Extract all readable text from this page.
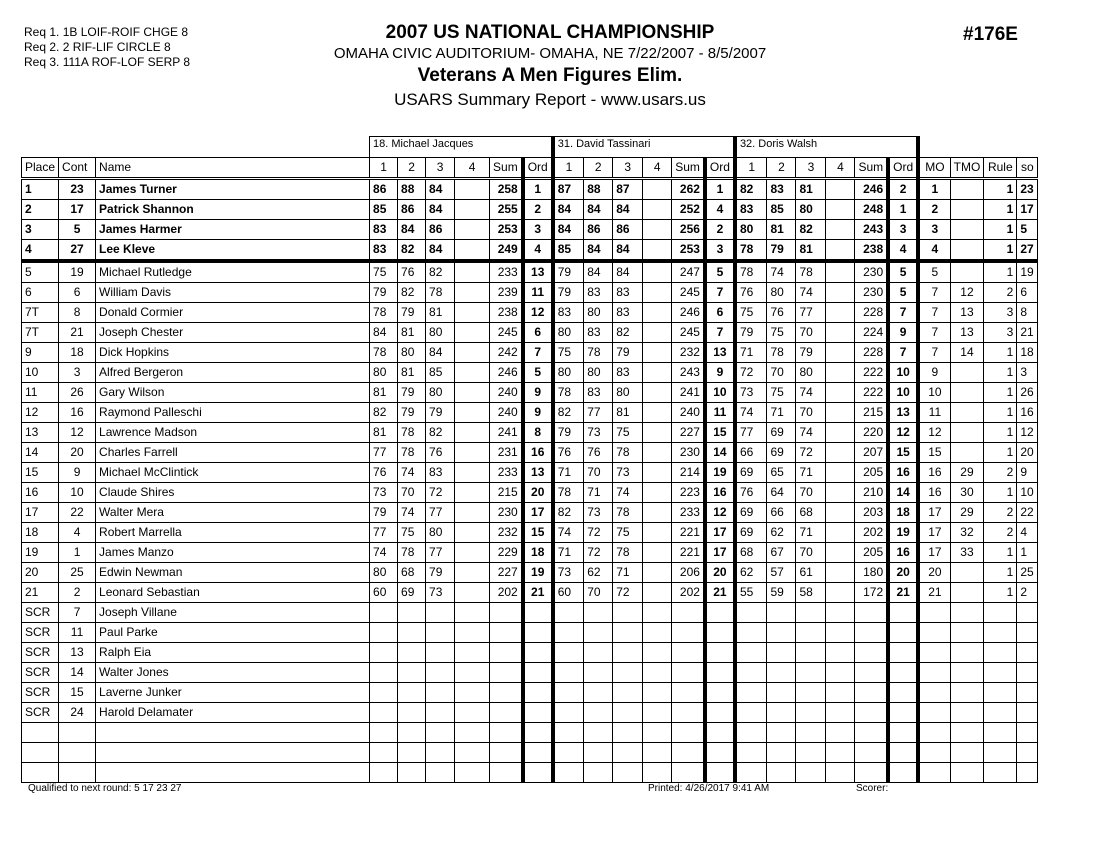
Req 1. 1B LOIF-ROIF CHGE 8
Req 2. 2 RIF-LIF CIRCLE 8
Req 3. 111A ROF-LOF SERP 8
2007 US NATIONAL CHAMPIONSHIP
OMAHA CIVIC AUDITORIUM- OMAHA, NE 7/22/2007 - 8/5/2007
Veterans A Men Figures Elim.
USARS Summary Report - www.usars.us
#176E
			18. Michael Jacques						31. David Tassinari						32. Doris Walsh									
Place	Cont	Name	1	2	3	4	Sum	Ord	1	2	3	4	Sum	Ord	1	2	3	4	Sum	Ord	MO	TMO	Rule	so
1	23	James Turner	86	88	84		258	1	87	88	87		262	1	82	83	81		246	2	1		1	23
2	17	Patrick Shannon	85	86	84		255	2	84	84	84		252	4	83	85	80		248	1	2		1	17
3	5	James Harmer	83	84	86		253	3	84	86	86		256	2	80	81	82		243	3	3		1	5
4	27	Lee Kleve	83	82	84		249	4	85	84	84		253	3	78	79	81		238	4	4		1	27
5	19	Michael Rutledge	75	76	82		233	13	79	84	84		247	5	78	74	78		230	5	5		1	19
6	6	William Davis	79	82	78		239	11	79	83	83		245	7	76	80	74		230	5	7	12	2	6
7T	8	Donald Cormier	78	79	81		238	12	83	80	83		246	6	75	76	77		228	7	7	13	3	8
7T	21	Joseph Chester	84	81	80		245	6	80	83	82		245	7	79	75	70		224	9	7	13	3	21
9	18	Dick Hopkins	78	80	84		242	7	75	78	79		232	13	71	78	79		228	7	7	14	1	18
10	3	Alfred Bergeron	80	81	85		246	5	80	80	83		243	9	72	70	80		222	10	9		1	3
11	26	Gary Wilson	81	79	80		240	9	78	83	80		241	10	73	75	74		222	10	10		1	26
12	16	Raymond Palleschi	82	79	79		240	9	82	77	81		240	11	74	71	70		215	13	11		1	16
13	12	Lawrence Madson	81	78	82		241	8	79	73	75		227	15	77	69	74		220	12	12		1	12
14	20	Charles Farrell	77	78	76		231	16	76	76	78		230	14	66	69	72		207	15	15		1	20
15	9	Michael McClintick	76	74	83		233	13	71	70	73		214	19	69	65	71		205	16	16	29	2	9
16	10	Claude Shires	73	70	72		215	20	78	71	74		223	16	76	64	70		210	14	16	30	1	10
17	22	Walter Mera	79	74	77		230	17	82	73	78		233	12	69	66	68		203	18	17	29	2	22
18	4	Robert Marrella	77	75	80		232	15	74	72	75		221	17	69	62	71		202	19	17	32	2	4
19	1	James Manzo	74	78	77		229	18	71	72	78		221	17	68	67	70		205	16	17	33	1	1
20	25	Edwin Newman	80	68	79		227	19	73	62	71		206	20	62	57	61		180	20	20		1	25
21	2	Leonard Sebastian	60	69	73		202	21	60	70	72		202	21	55	59	58		172	21	21		1	2
SCR	7	Joseph Villane																						
SCR	11	Paul Parke																						
SCR	13	Ralph Eia																						
SCR	14	Walter Jones																						
SCR	15	Laverne Junker																						
SCR	24	Harold Delamater																						

Qualified to next round: 5 17 23 27	Printed: 4/26/2017 9:41 AM	Scorer:
